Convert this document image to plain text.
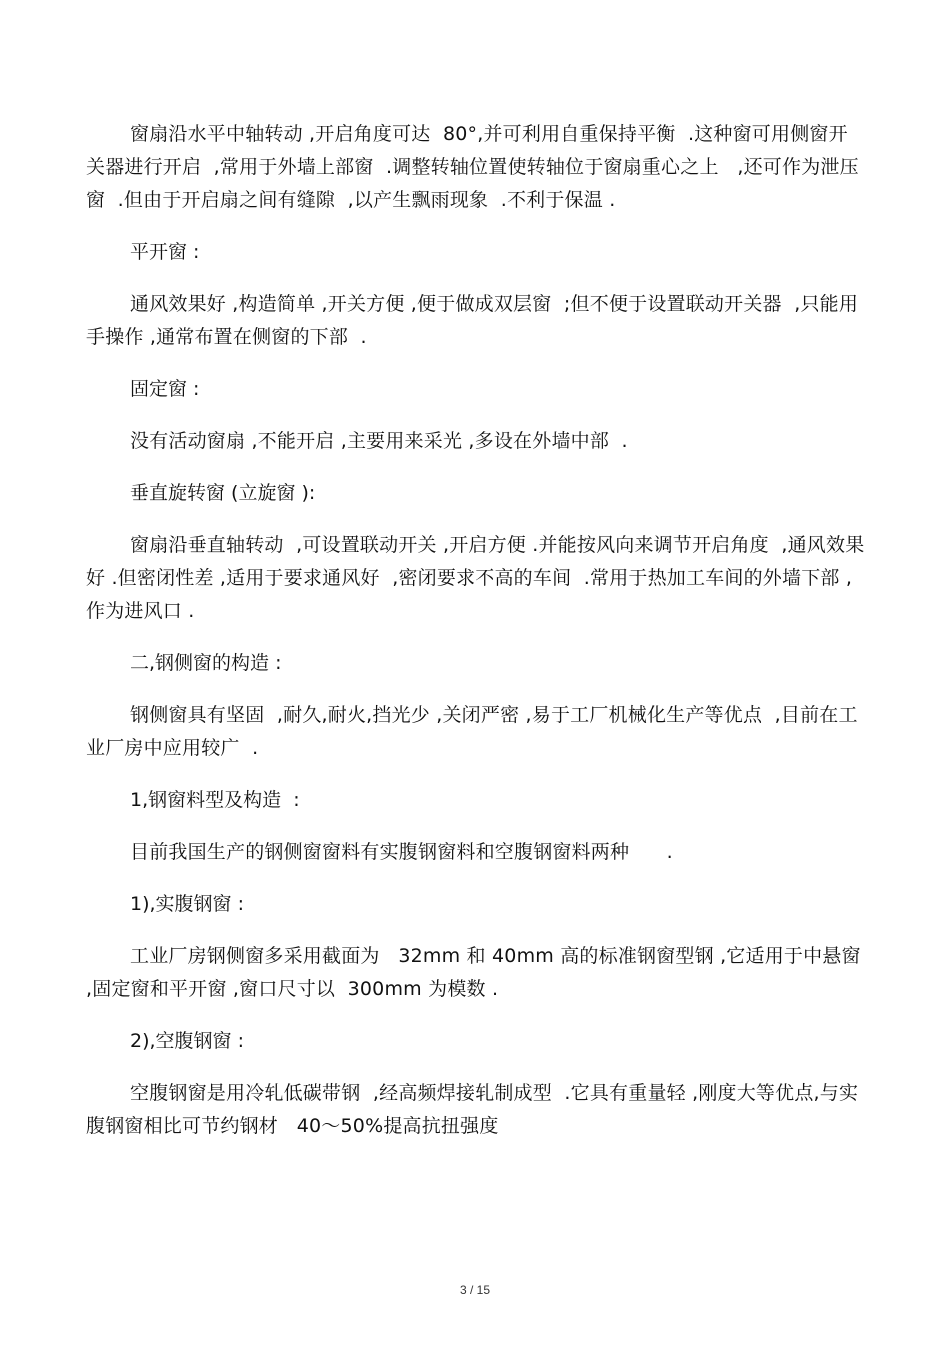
窗扇沿水平中轴转动 ,开启角度可达  80°,并可利用自重保持平衡  .这种窗可用侧窗开关器进行开启  ,常用于外墙上部窗  .调整转轴位置使转轴位于窗扇重心之上   ,还可作为泄压窗  .但由于开启扇之间有缝隙  ,以产生飘雨现象  .不利于保温 .

平开窗 :

通风效果好 ,构造简单 ,开关方便 ,便于做成双层窗  ;但不便于设置联动开关器  ,只能用手操作 ,通常布置在侧窗的下部  .

固定窗 :

没有活动窗扇 ,不能开启 ,主要用来采光 ,多设在外墙中部  .

垂直旋转窗 (立旋窗 ):

窗扇沿垂直轴转动  ,可设置联动开关 ,开启方便 .并能按风向来调节开启角度  ,通风效果好 .但密闭性差 ,适用于要求通风好  ,密闭要求不高的车间  .常用于热加工车间的外墙下部 ,作为进风口 .

二,钢侧窗的构造 :

钢侧窗具有坚固  ,耐久,耐火,挡光少 ,关闭严密 ,易于工厂机械化生产等优点  ,目前在工业厂房中应用较广  .

1,钢窗料型及构造  :

目前我国生产的钢侧窗窗料有实腹钢窗料和空腹钢窗料两种      .

1),实腹钢窗 :

工业厂房钢侧窗多采用截面为   32mm 和 40mm 高的标准钢窗型钢 ,它适用于中悬窗 ,固定窗和平开窗 ,窗口尺寸以  300mm 为模数 .

2),空腹钢窗 :

空腹钢窗是用冷轧低碳带钢  ,经高频焊接轧制成型  .它具有重量轻 ,刚度大等优点,与实腹钢窗相比可节约钢材   40～50%提高抗扭强度

3 / 15
